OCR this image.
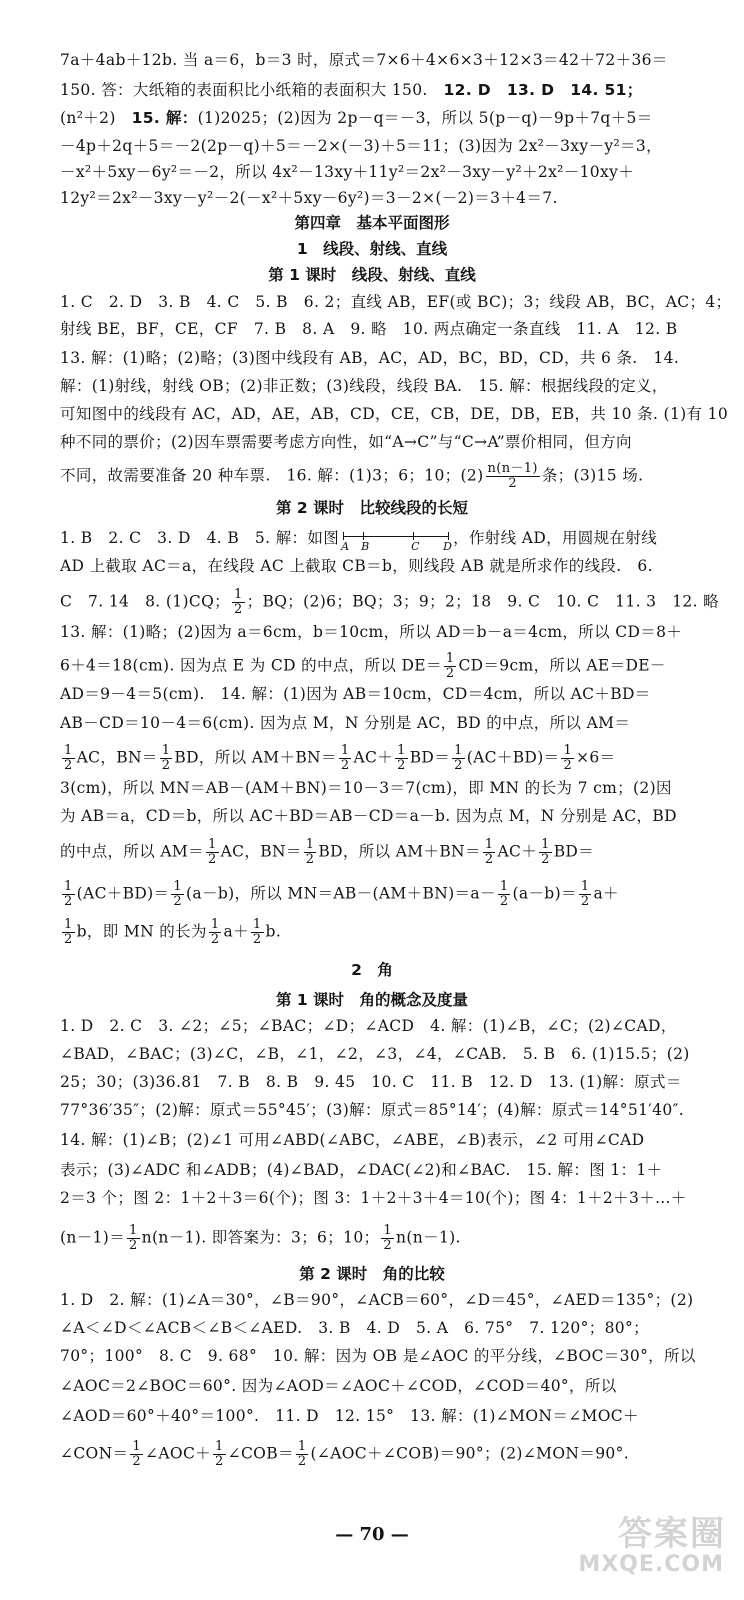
7a＋4ab＋12b. 当 a＝6，b＝3 时，原式＝7×6＋4×6×3＋12×3＝42＋72＋36＝
150. 答：大纸箱的表面积比小纸箱的表面积大 150.　 12. D　 13. D　 14. 51；
(n²＋2)　 15. 解：(1)2025；(2)因为 2p－q＝－3，所以 5(p－q)－9p＋7q＋5＝
－4p＋2q＋5＝－2(2p－q)＋5＝－2×(－3)＋5＝11；(3)因为 2x²－3xy－y²＝3，
－x²＋5xy－6y²＝－2，所以 4x²－13xy＋11y²＝2x²－3xy－y²＋2x²－10xy＋
12y²＝2x²－3xy－y²－2(－x²＋5xy－6y²)＝3－2×(－2)＝3＋4＝7.
第四章　基本平面图形
1　线段、射线、直线
第 1 课时　线段、射线、直线
1. C　2. D　3. B　4. C　5. B　6. 2；直线 AB，EF(或 BC)；3；线段 AB，BC，AC；4；
射线 BE，BF，CE，CF　7. B　8. A　9. 略　10. 两点确定一条直线　11. A　12. B
13. 解：(1)略；(2)略；(3)图中线段有 AB，AC，AD，BC，BD，CD，共 6 条.　14.
解：(1)射线，射线 OB；(2)非正数；(3)线段，线段 BA.　15. 解：根据线段的定义，
可知图中的线段有 AC，AD，AE，AB，CD，CE，CB，DE，DB，EB，共 10 条. (1)有 10
种不同的票价；(2)因车票需要考虑方向性，如“A→C”与“C→A”票价相同，但方向
不同，故需要准备 20 种车票.　16. 解：(1)3；6；10；$(2) \frac{n(n-1)}{2}$ 条；(3)15 场.
第 2 课时　比较线段的长短
1. B　2. C　3. D　4. B　5. 解：如图 A B	C D ，作射线 AD，用圆规在射线
AD 上截取 AC＝a，在线段 AC 上截取 CB＝b，则线段 AB 就是所求作的线段.　6.
C　7. 14　8. (1)CQ； $\frac{1}{2}$ ；BQ；(2)6；BQ；3；9；2；18　9. C　10. C　11. 3　12. 略
13. 解：(1)略；(2)因为 a＝6cm，b＝10cm，所以 AD＝b－a＝4cm，所以 CD＝8＋
6＋4＝18(cm). 因为点 E 为 CD 的中点，所以 $DE= \frac{1}{2} CD=9cm$，所以 AE＝DE－
AD＝9－4＝5(cm).　14. 解：(1)因为 AB＝10cm，CD＝4cm，所以 AC＋BD＝
AB－CD＝10－4＝6(cm). 因为点 M，N 分别是 AC，BD 的中点，所以 AM＝
$\frac{1}{2}$ AC，$BN= \frac{1}{2}$ BD，所以 $AM+BN= \frac{1}{2} AC+ \frac{1}{2} BD= \frac{1}{2} (AC+BD)= \frac{1}{2} \times 6=$
3(cm)，所以 MN＝AB－(AM＋BN)＝10－3＝7(cm)，即 MN 的长为 7 cm；(2)因
为 AB＝a，CD＝b，所以 AC＋BD＝AB－CD＝a－b. 因为点 M，N 分别是 AC，BD
的中点，所以 $AM= \frac{1}{2}$ AC，$BN= \frac{1}{2}$ BD，所以 $AM+BN= \frac{1}{2} AC+ \frac{1}{2} BD=$
$\frac{1}{2} (AC+BD)= \frac{1}{2} (a-b)$，所以 $MN=AB-(AM+BN)=a- \frac{1}{2} (a-b)= \frac{1}{2} a+$
$\frac{1}{2}$ b，即 MN 的长为 $\frac{1}{2} a+ \frac{1}{2} b$.
2　角
第 1 课时　角的概念及度量
1. D　2. C　3. ∠2；∠5；∠BAC；∠D；∠ACD　4. 解：(1)∠B，∠C；(2)∠CAD，
∠BAD，∠BAC；(3)∠C，∠B，∠1，∠2，∠3，∠4，∠CAB.　5. B　6. (1)15.5；(2)
25；30；(3)36.81　7. B　8. B　9. 45　10. C　11. B　12. D　13. (1)解：原式＝
77°36′35″；(2)解：原式＝55°45′；(3)解：原式＝85°14′；(4)解：原式＝14°51′40″.
14. 解：(1)∠B；(2)∠1 可用∠ABD(∠ABC，∠ABE，∠B)表示，∠2 可用∠CAD
表示；(3)∠ADC 和∠ADB；(4)∠BAD，∠DAC(∠2)和∠BAC.　15. 解：图 1：1＋
2＝3 个；图 2：1＋2＋3＝6(个)；图 3：1＋2＋3＋4＝10(个)；图 4：1＋2＋3＋…＋
$(n-1)= \frac{1}{2} n(n-1)$. 即答案为：3；6；10； $\frac{1}{2} n(n-1)$.
第 2 课时　角的比较
1. D　2. 解：(1)∠A＝30°，∠B＝90°，∠ACB＝60°，∠D＝45°，∠AED＝135°；(2)
∠A＜∠D＜∠ACB＜∠B＜∠AED.　3. B　4. D　5. A　6. 75°　7. 120°；80°；
70°；100°　8. C　9. 68°　10. 解：因为 OB 是∠AOC 的平分线，∠BOC＝30°，所以
∠AOC＝2∠BOC＝60°. 因为∠AOD＝∠AOC＋∠COD，∠COD＝40°，所以
∠AOD＝60°＋40°＝100°.　11. D　12. 15°　13. 解：(1)∠MON＝∠MOC＋
∠CON＝ $\frac{1}{2}$ ∠AOC＋ $\frac{1}{2}$ ∠COB＝ $\frac{1}{2}$ (∠AOC＋∠COB)＝90°；(2)∠MON＝90°.
— 70 —	答案圈
MXQE.COM
